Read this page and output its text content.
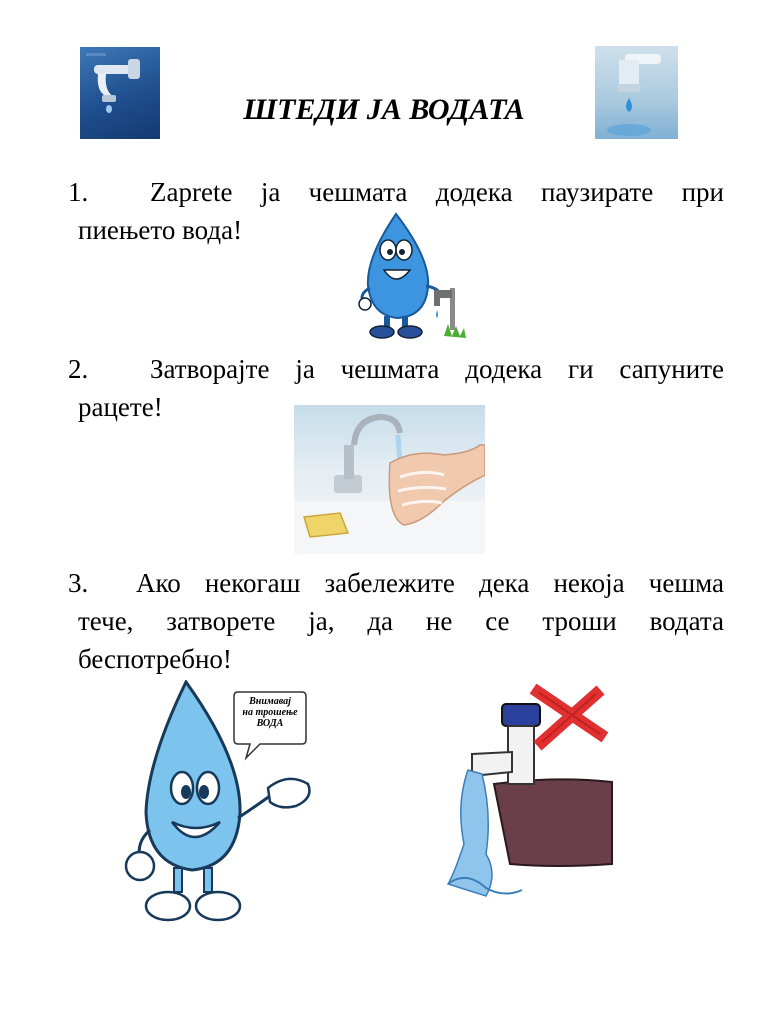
ШТЕДИ ЈА ВОДАТА
1. Zaprete ја чешмата додека паузирате при
пиењето вода!
2. Затворајте ја чешмата додека ги сапуните
рацете!
3. Ако некогаш забележите дека некоја чешма
тече, затворете ја, да не се троши водата
беспотребно!
Внимавај
на трошење
ВОДА
